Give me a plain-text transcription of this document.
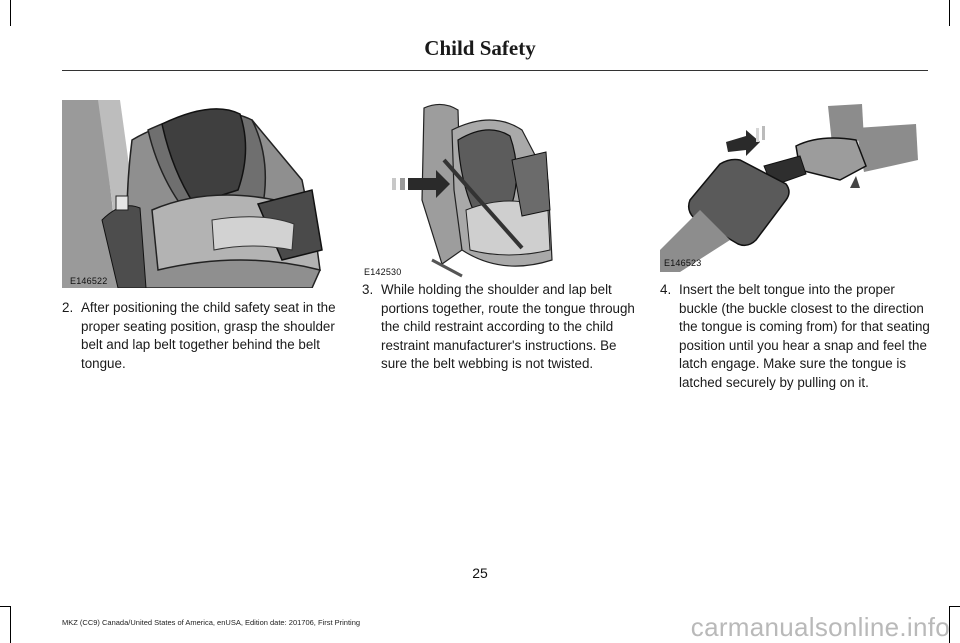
Child Safety
E146522
E142530
E146523
2. After positioning the child safety seat in the proper seating position, grasp the shoulder belt and lap belt together behind the belt tongue.
3. While holding the shoulder and lap belt portions together, route the tongue through the child restraint according to the child restraint manufacturer's instructions. Be sure the belt webbing is not twisted.
4. Insert the belt tongue into the proper buckle (the buckle closest to the direction the tongue is coming from) for that seating position until you hear a snap and feel the latch engage. Make sure the tongue is latched securely by pulling on it.
25
MKZ (CC9) Canada/United States of America, enUSA, Edition date: 201706, First Printing	carmanualsonline.info
